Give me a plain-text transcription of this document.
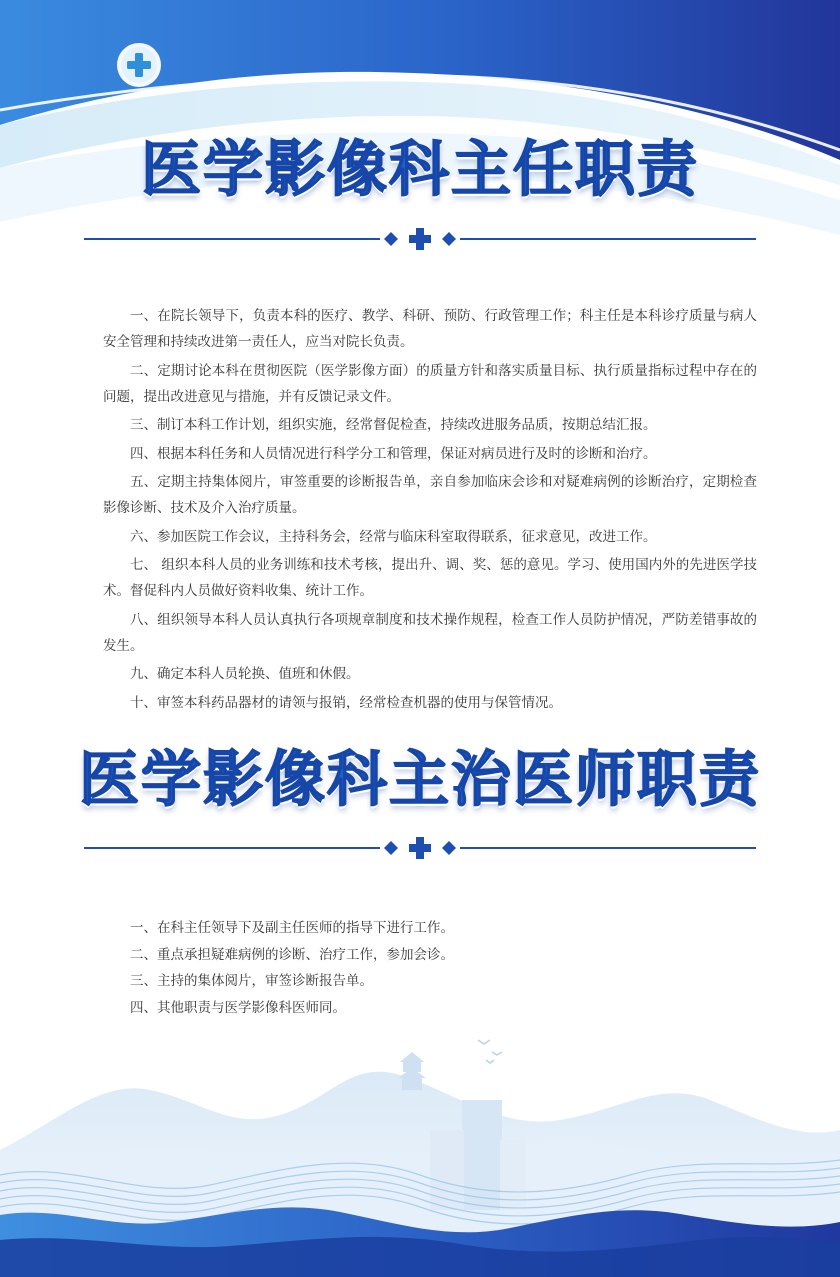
医学影像科主任职责

一、在院长领导下，负责本科的医疗、教学、科研、预防、行政管理工作；科主任是本科诊疗质量与病人安全管理和持续改进第一责任人，应当对院长负责。

二、定期讨论本科在贯彻医院（医学影像方面）的质量方针和落实质量目标、执行质量指标过程中存在的问题，提出改进意见与措施，并有反馈记录文件。

三、制订本科工作计划，组织实施，经常督促检查，持续改进服务品质，按期总结汇报。

四、根据本科任务和人员情况进行科学分工和管理，保证对病员进行及时的诊断和治疗。

五、定期主持集体阅片，审签重要的诊断报告单，亲自参加临床会诊和对疑难病例的诊断治疗，定期检查影像诊断、技术及介入治疗质量。

六、参加医院工作会议，主持科务会，经常与临床科室取得联系，征求意见，改进工作。

七、 组织本科人员的业务训练和技术考核，提出升、调、奖、惩的意见。学习、使用国内外的先进医学技术。督促科内人员做好资料收集、统计工作。

八、组织领导本科人员认真执行各项规章制度和技术操作规程，检查工作人员防护情况，严防差错事故的发生。

九、确定本科人员轮换、值班和休假。

十、审签本科药品器材的请领与报销，经常检查机器的使用与保管情况。

医学影像科主治医师职责

一、在科主任领导下及副主任医师的指导下进行工作。

二、重点承担疑难病例的诊断、治疗工作，参加会诊。

三、主持的集体阅片，审签诊断报告单。

四、其他职责与医学影像科医师同。
